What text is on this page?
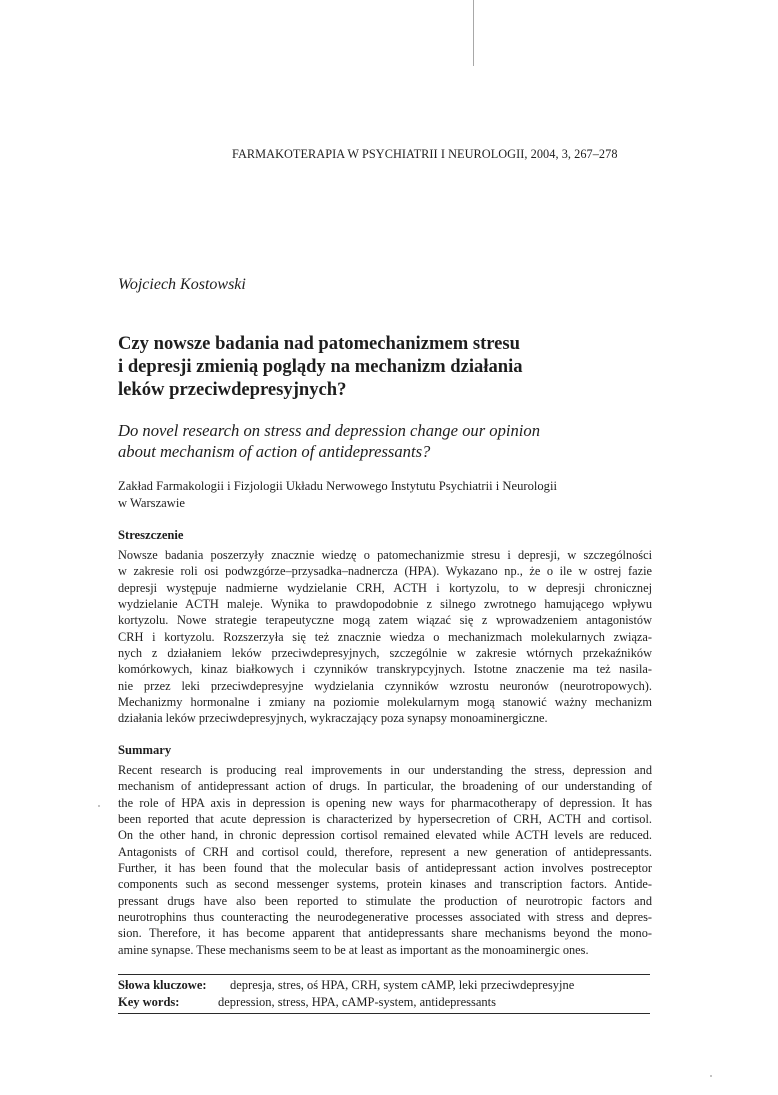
FARMAKOTERAPIA W PSYCHIATRII I NEUROLOGII, 2004, 3, 267–278
Wojciech Kostowski
Czy nowsze badania nad patomechanizmem stresu
i depresji zmienią poglądy na mechanizm działania
leków przeciwdepresyjnych?
Do novel research on stress and depression change our opinion
about mechanism of action of antidepressants?

Zakład Farmakologii i Fizjologii Układu Nerwowego Instytutu Psychiatrii i Neurologii
w Warszawie

Streszczenie

Nowsze badania poszerzyły znacznie wiedzę o patomechanizmie stresu i depresji, w szczególności
w zakresie roli osi podwzgórze–przysadka–nadnercza (HPA). Wykazano np., że o ile w ostrej fazie
depresji występuje nadmierne wydzielanie CRH, ACTH i kortyzolu, to w depresji chronicznej
wydzielanie ACTH maleje. Wynika to prawdopodobnie z silnego zwrotnego hamującego wpływu
kortyzolu. Nowe strategie terapeutyczne mogą zatem wiązać się z wprowadzeniem antagonistów
CRH i kortyzolu. Rozszerzyła się też znacznie wiedza o mechanizmach molekularnych związa-
nych z działaniem leków przeciwdepresyjnych, szczególnie w zakresie wtórnych przekaźników
komórkowych, kinaz białkowych i czynników transkrypcyjnych. Istotne znaczenie ma też nasila-
nie przez leki przeciwdepresyjne wydzielania czynników wzrostu neuronów (neurotropowych).
Mechanizmy hormonalne i zmiany na poziomie molekularnym mogą stanowić ważny mechanizm
działania leków przeciwdepresyjnych, wykraczający poza synapsy monoaminergiczne.

Summary

Recent research is producing real improvements in our understanding the stress, depression and
mechanism of antidepressant action of drugs. In particular, the broadening of our understanding of
the role of HPA axis in depression is opening new ways for pharmacotherapy of depression. It has
been reported that acute depression is characterized by hypersecretion of CRH, ACTH and cortisol.
On the other hand, in chronic depression cortisol remained elevated while ACTH levels are reduced.
Antagonists of CRH and cortisol could, therefore, represent a new generation of antidepressants.
Further, it has been found that the molecular basis of antidepressant action involves postreceptor
components such as second messenger systems, protein kinases and transcription factors. Antide-
pressant drugs have also been reported to stimulate the production of neurotropic factors and
neurotrophins thus counteracting the neurodegenerative processes associated with stress and depres-
sion. Therefore, it has become apparent that antidepressants share mechanisms beyond the mono-
amine synapse. These mechanisms seem to be at least as important as the monoaminergic ones.

Słowa kluczowe: depresja, stres, oś HPA, CRH, system cAMP, leki przeciwdepresyjne
Key words:	depression, stress, HPA, cAMP-system, antidepressants
